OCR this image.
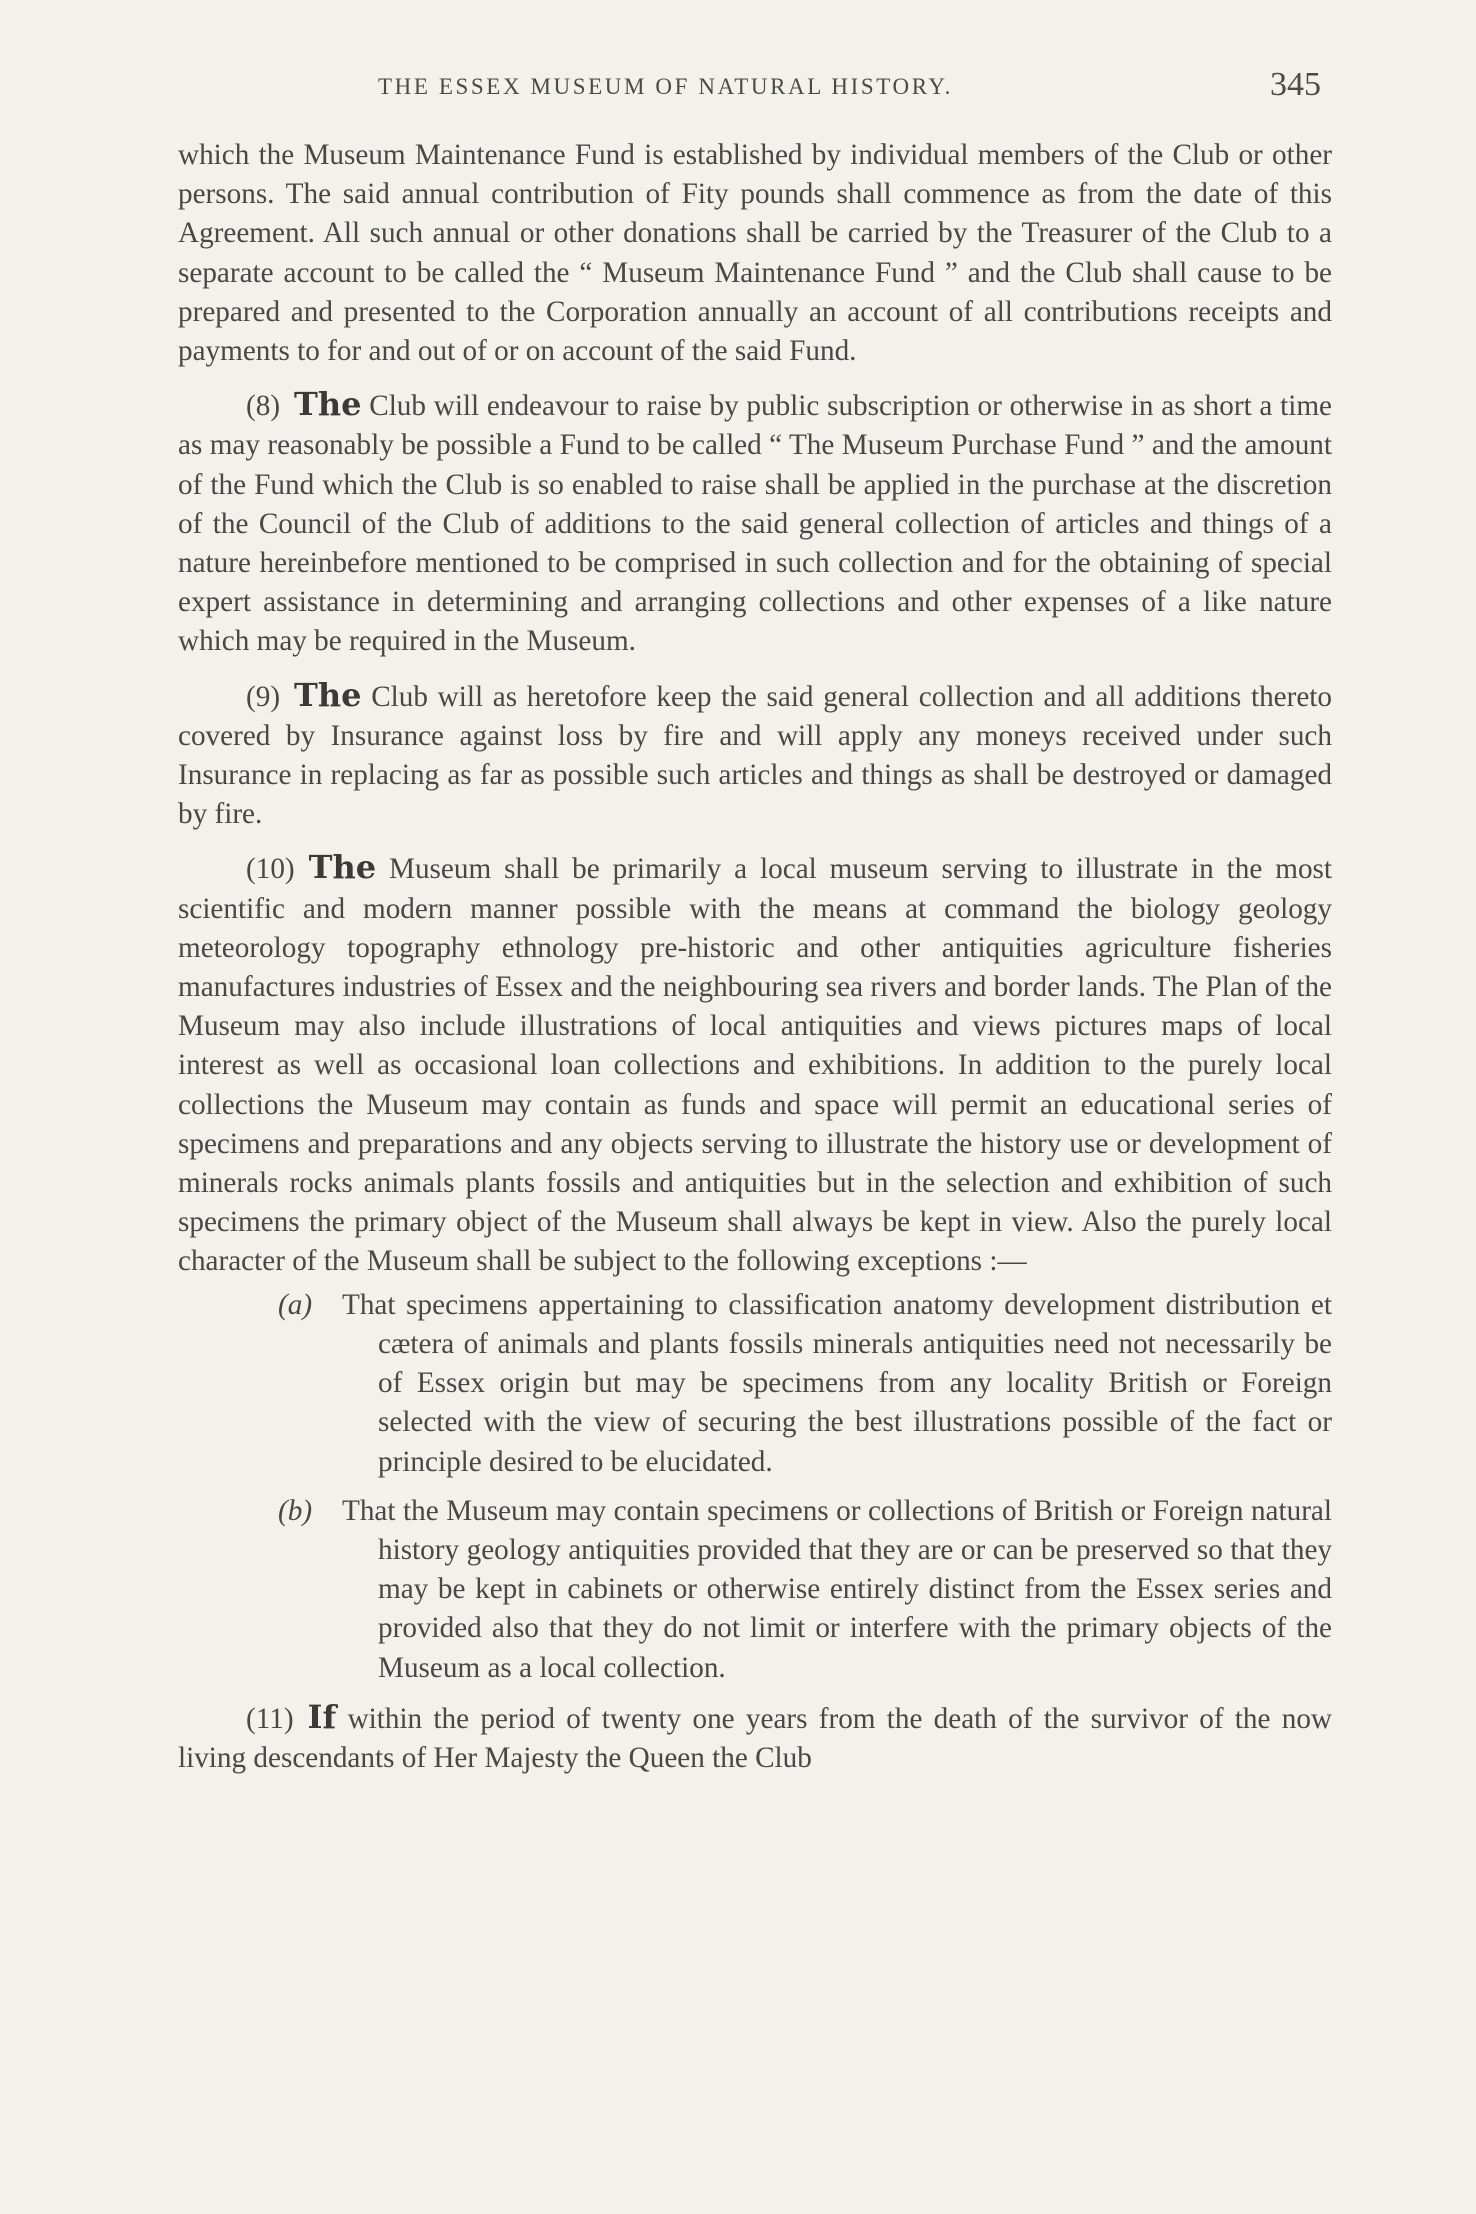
THE ESSEX MUSEUM OF NATURAL HISTORY.	345

which the Museum Maintenance Fund is established by individual members of the Club or other persons. The said annual contribution of Fity pounds shall commence as from the date of this Agreement. All such annual or other donations shall be carried by the Treasurer of the Club to a separate account to be called the “ Museum Maintenance Fund ” and the Club shall cause to be prepared and presented to the Corporation annually an account of all contributions receipts and payments to for and out of or on account of the said Fund.

(8) The Club will endeavour to raise by public subscription or otherwise in as short a time as may reasonably be possible a Fund to be called “ The Museum Purchase Fund ” and the amount of the Fund which the Club is so enabled to raise shall be applied in the purchase at the discretion of the Council of the Club of additions to the said general collection of articles and things of a nature hereinbefore mentioned to be comprised in such collection and for the obtaining of special expert assistance in determining and arranging collections and other expenses of a like nature which may be required in the Museum.

(9) The Club will as heretofore keep the said general collection and all additions thereto covered by Insurance against loss by fire and will apply any moneys received under such Insurance in replacing as far as possible such articles and things as shall be destroyed or damaged by fire.

(10) The Museum shall be primarily a local museum serving to illustrate in the most scientific and modern manner possible with the means at command the biology geology meteorology topography ethnology pre-historic and other antiquities agriculture fisheries manufactures industries of Essex and the neighbouring sea rivers and border lands. The Plan of the Museum may also include illustrations of local antiquities and views pictures maps of local interest as well as occasional loan collections and exhibitions. In addition to the purely local collections the Museum may contain as funds and space will permit an educational series of specimens and preparations and any objects serving to illustrate the history use or development of minerals rocks animals plants fossils and antiquities but in the selection and exhibition of such specimens the primary object of the Museum shall always be kept in view. Also the purely local character of the Museum shall be subject to the following exceptions :—

(a) That specimens appertaining to classification anatomy development distribution et cætera of animals and plants fossils minerals antiquities need not necessarily be of Essex origin but may be specimens from any locality British or Foreign selected with the view of securing the best illustrations possible of the fact or principle desired to be elucidated.

(b) That the Museum may contain specimens or collections of British or Foreign natural history geology antiquities provided that they are or can be preserved so that they may be kept in cabinets or otherwise entirely distinct from the Essex series and provided also that they do not limit or interfere with the primary objects of the Museum as a local collection.

(11) If within the period of twenty one years from the death of the survivor of the now living descendants of Her Majesty the Queen the Club
